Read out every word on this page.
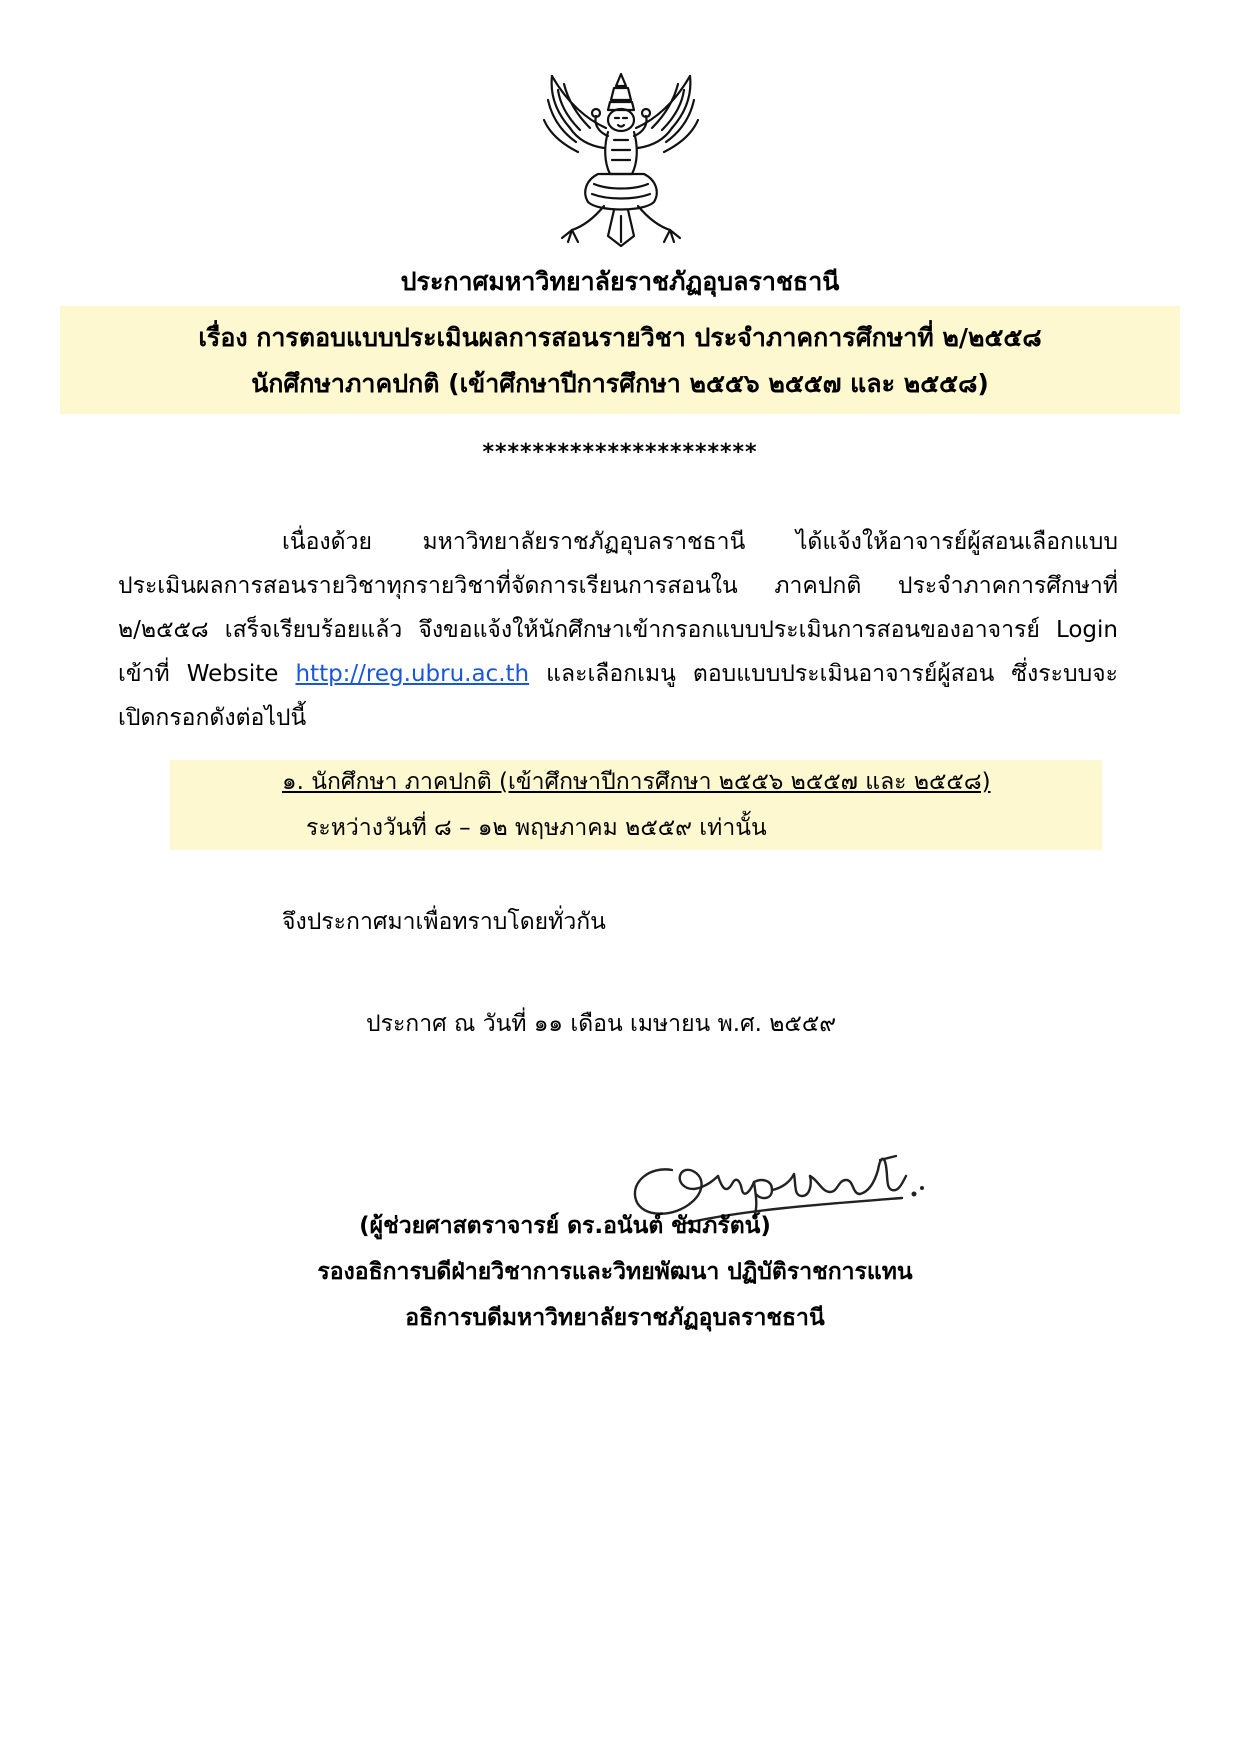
ประกาศมหาวิทยาลัยราชภัฏอุบลราชธานี
เรื่อง การตอบแบบประเมินผลการสอนรายวิชา ประจำภาคการศึกษาที่ ๒/๒๕๕๘
นักศึกษาภาคปกติ (เข้าศึกษาปีการศึกษา ๒๕๕๖ ๒๕๕๗ และ ๒๕๕๘)
**********************
เนื่องด้วย มหาวิทยาลัยราชภัฏอุบลราชธานี ได้แจ้งให้อาจารย์ผู้สอนเลือกแบบ
ประเมินผลการสอนรายวิชาทุกรายวิชาที่จัดการเรียนการสอนใน ภาคปกติ ประจำภาคการศึกษาที่
๒/๒๕๕๘ เสร็จเรียบร้อยแล้ว จึงขอแจ้งให้นักศึกษาเข้ากรอกแบบประเมินการสอนของอาจารย์ Login
เข้าที่ Website http://reg.ubru.ac.th และเลือกเมนู ตอบแบบประเมินอาจารย์ผู้สอน ซึ่งระบบจะ
เปิดกรอกดังต่อไปนี้
๑. นักศึกษา ภาคปกติ (เข้าศึกษาปีการศึกษา ๒๕๕๖ ๒๕๕๗ และ ๒๕๕๘)
ระหว่างวันที่ ๘ – ๑๒ พฤษภาคม ๒๕๕๙ เท่านั้น
จึงประกาศมาเพื่อทราบโดยทั่วกัน
ประกาศ ณ วันที่ ๑๑ เดือน เมษายน พ.ศ. ๒๕๕๙
(ผู้ช่วยศาสตราจารย์ ดร.อนันต์ ขัมภรัตน์)
รองอธิการบดีฝ่ายวิชาการและวิทยพัฒนา ปฏิบัติราชการแทน
อธิการบดีมหาวิทยาลัยราชภัฏอุบลราชธานี
